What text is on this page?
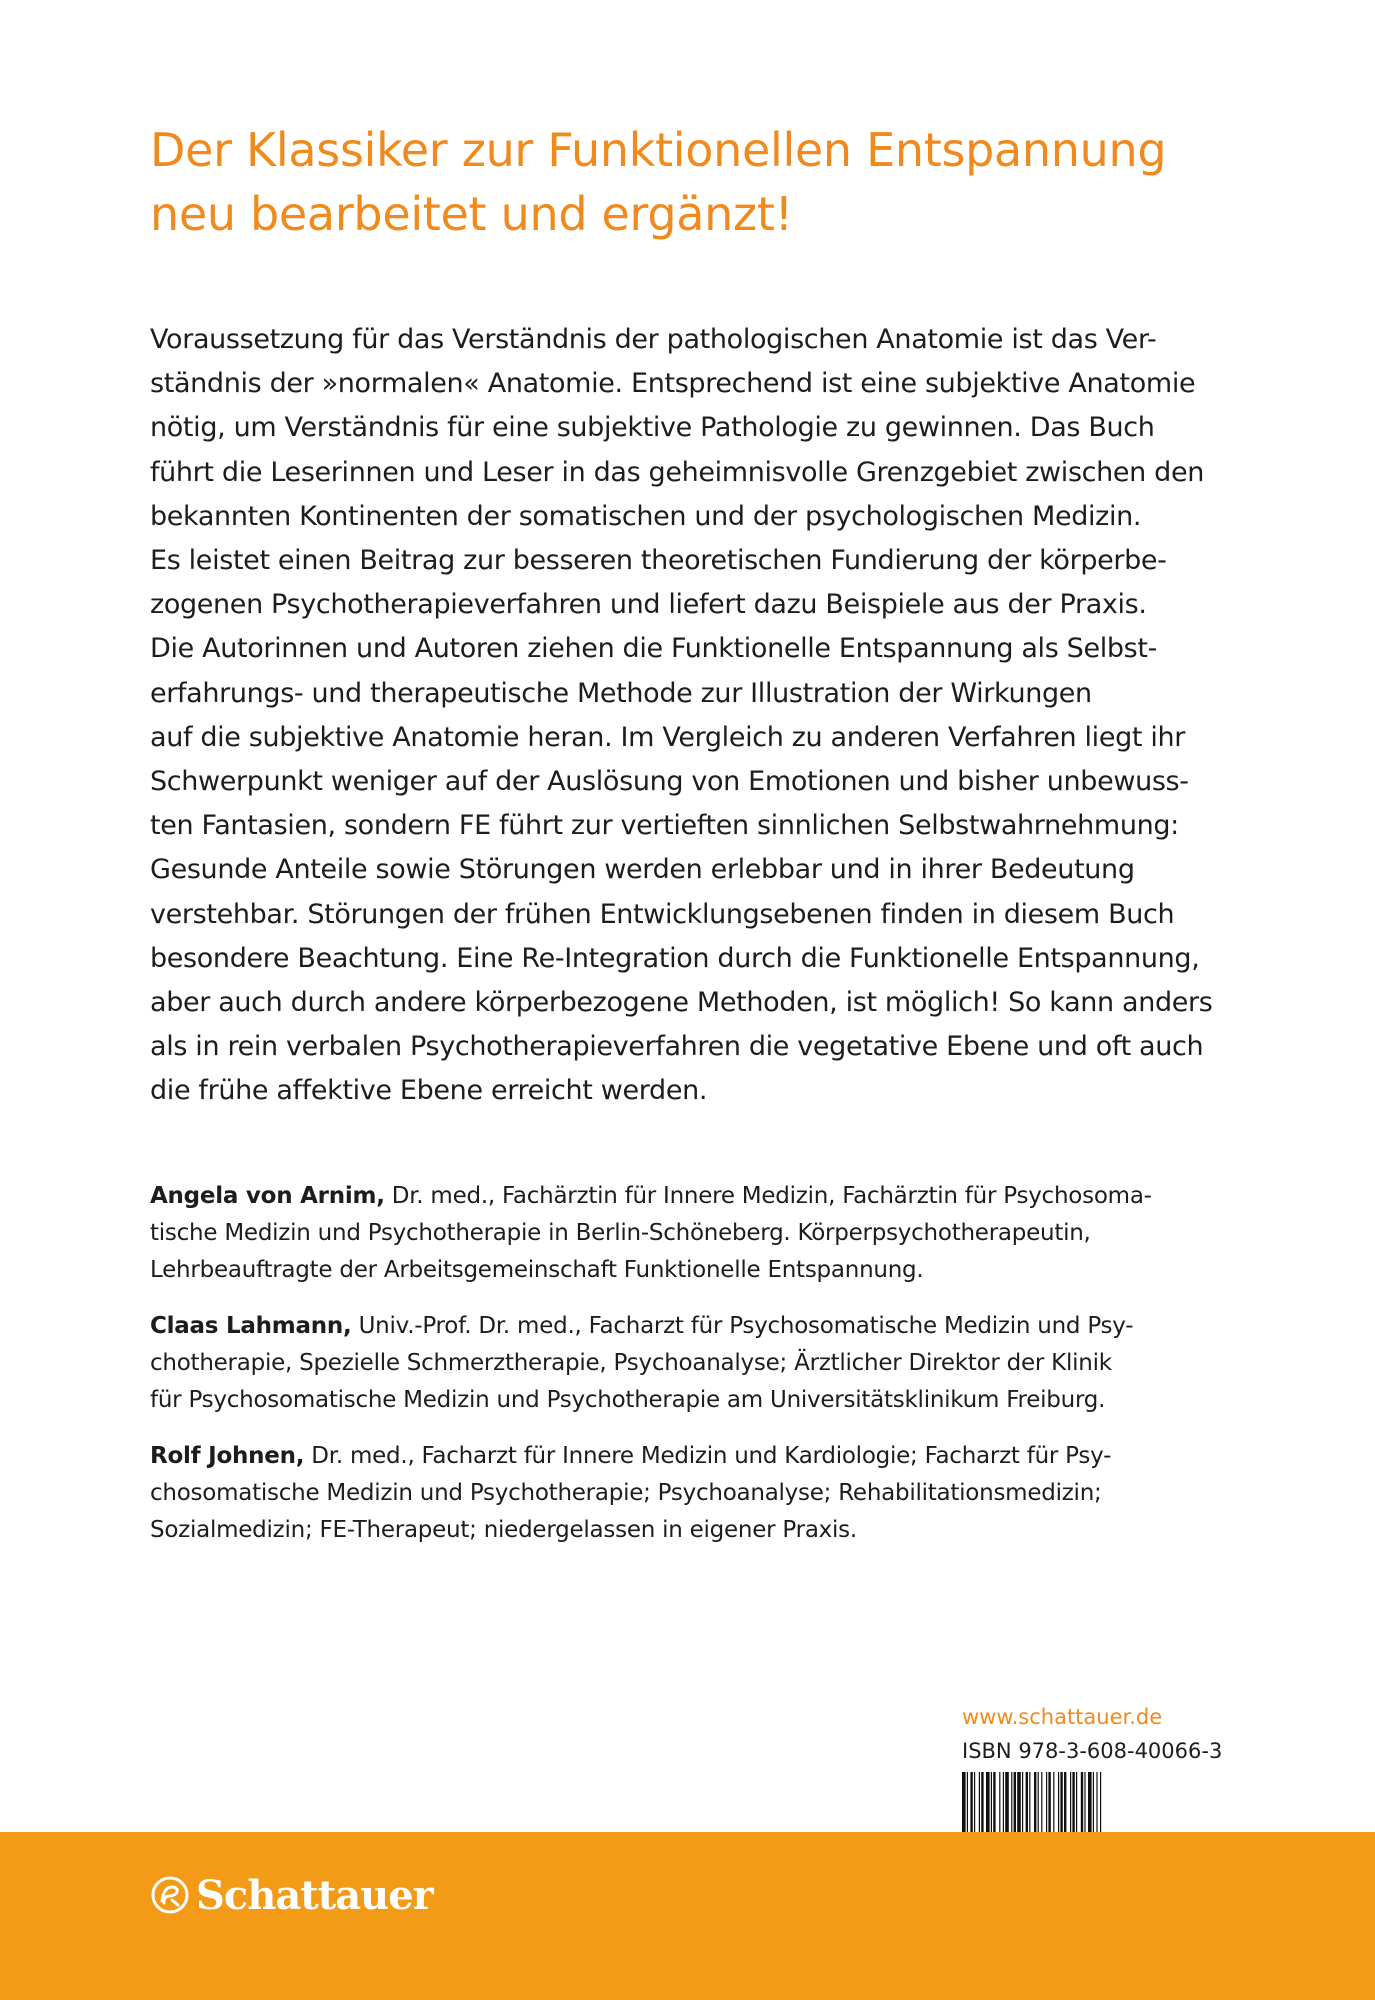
Der Klassiker zur Funktionellen Entspannung
neu bearbeitet und ergänzt!
Voraussetzung für das Verständnis der pathologischen Anatomie ist das Ver-
ständnis der »normalen« Anatomie. Entsprechend ist eine subjektive Anatomie
nötig, um Verständnis für eine subjektive Pathologie zu gewinnen. Das Buch
führt die Leserinnen und Leser in das geheimnisvolle Grenzgebiet zwischen den
bekannten Kontinenten der somatischen und der psychologischen Medizin.
Es leistet einen Beitrag zur besseren theoretischen Fundierung der körperbe-
zogenen Psychotherapieverfahren und liefert dazu Beispiele aus der Praxis.
Die Autorinnen und Autoren ziehen die Funktionelle Entspannung als Selbst-
erfahrungs- und therapeutische Methode zur Illustration der Wirkungen
auf die subjektive Anatomie heran. Im Vergleich zu anderen Verfahren liegt ihr
Schwerpunkt weniger auf der Auslösung von Emotionen und bisher unbewuss-
ten Fantasien, sondern FE führt zur vertieften sinnlichen Selbstwahrnehmung:
Gesunde Anteile sowie Störungen werden erlebbar und in ihrer Bedeutung
verstehbar. Störungen der frühen Entwicklungsebenen finden in diesem Buch
besondere Beachtung. Eine Re-Integration durch die Funktionelle Entspannung,
aber auch durch andere körperbezogene Methoden, ist möglich! So kann anders
als in rein verbalen Psychotherapieverfahren die vegetative Ebene und oft auch
die frühe affektive Ebene erreicht werden.
Angela von Arnim, Dr. med., Fachärztin für Innere Medizin, Fachärztin für Psychosoma-
tische Medizin und Psychotherapie in Berlin-Schöneberg. Körperpsychotherapeutin,
Lehrbeauftragte der Arbeitsgemeinschaft Funktionelle Entspannung.
Claas Lahmann, Univ.-Prof. Dr. med., Facharzt für Psychosomatische Medizin und Psy-
chotherapie, Spezielle Schmerztherapie, Psychoanalyse; Ärztlicher Direktor der Klinik
für Psychosomatische Medizin und Psychotherapie am Universitätsklinikum Freiburg.
Rolf Johnen, Dr. med., Facharzt für Innere Medizin und Kardiologie; Facharzt für Psy-
chosomatische Medizin und Psychotherapie; Psychoanalyse; Rehabilitationsmedizin;
Sozialmedizin; FE-Therapeut; niedergelassen in eigener Praxis.
www.schattauer.de
ISBN 978-3-608-40066-3
Schattauer
